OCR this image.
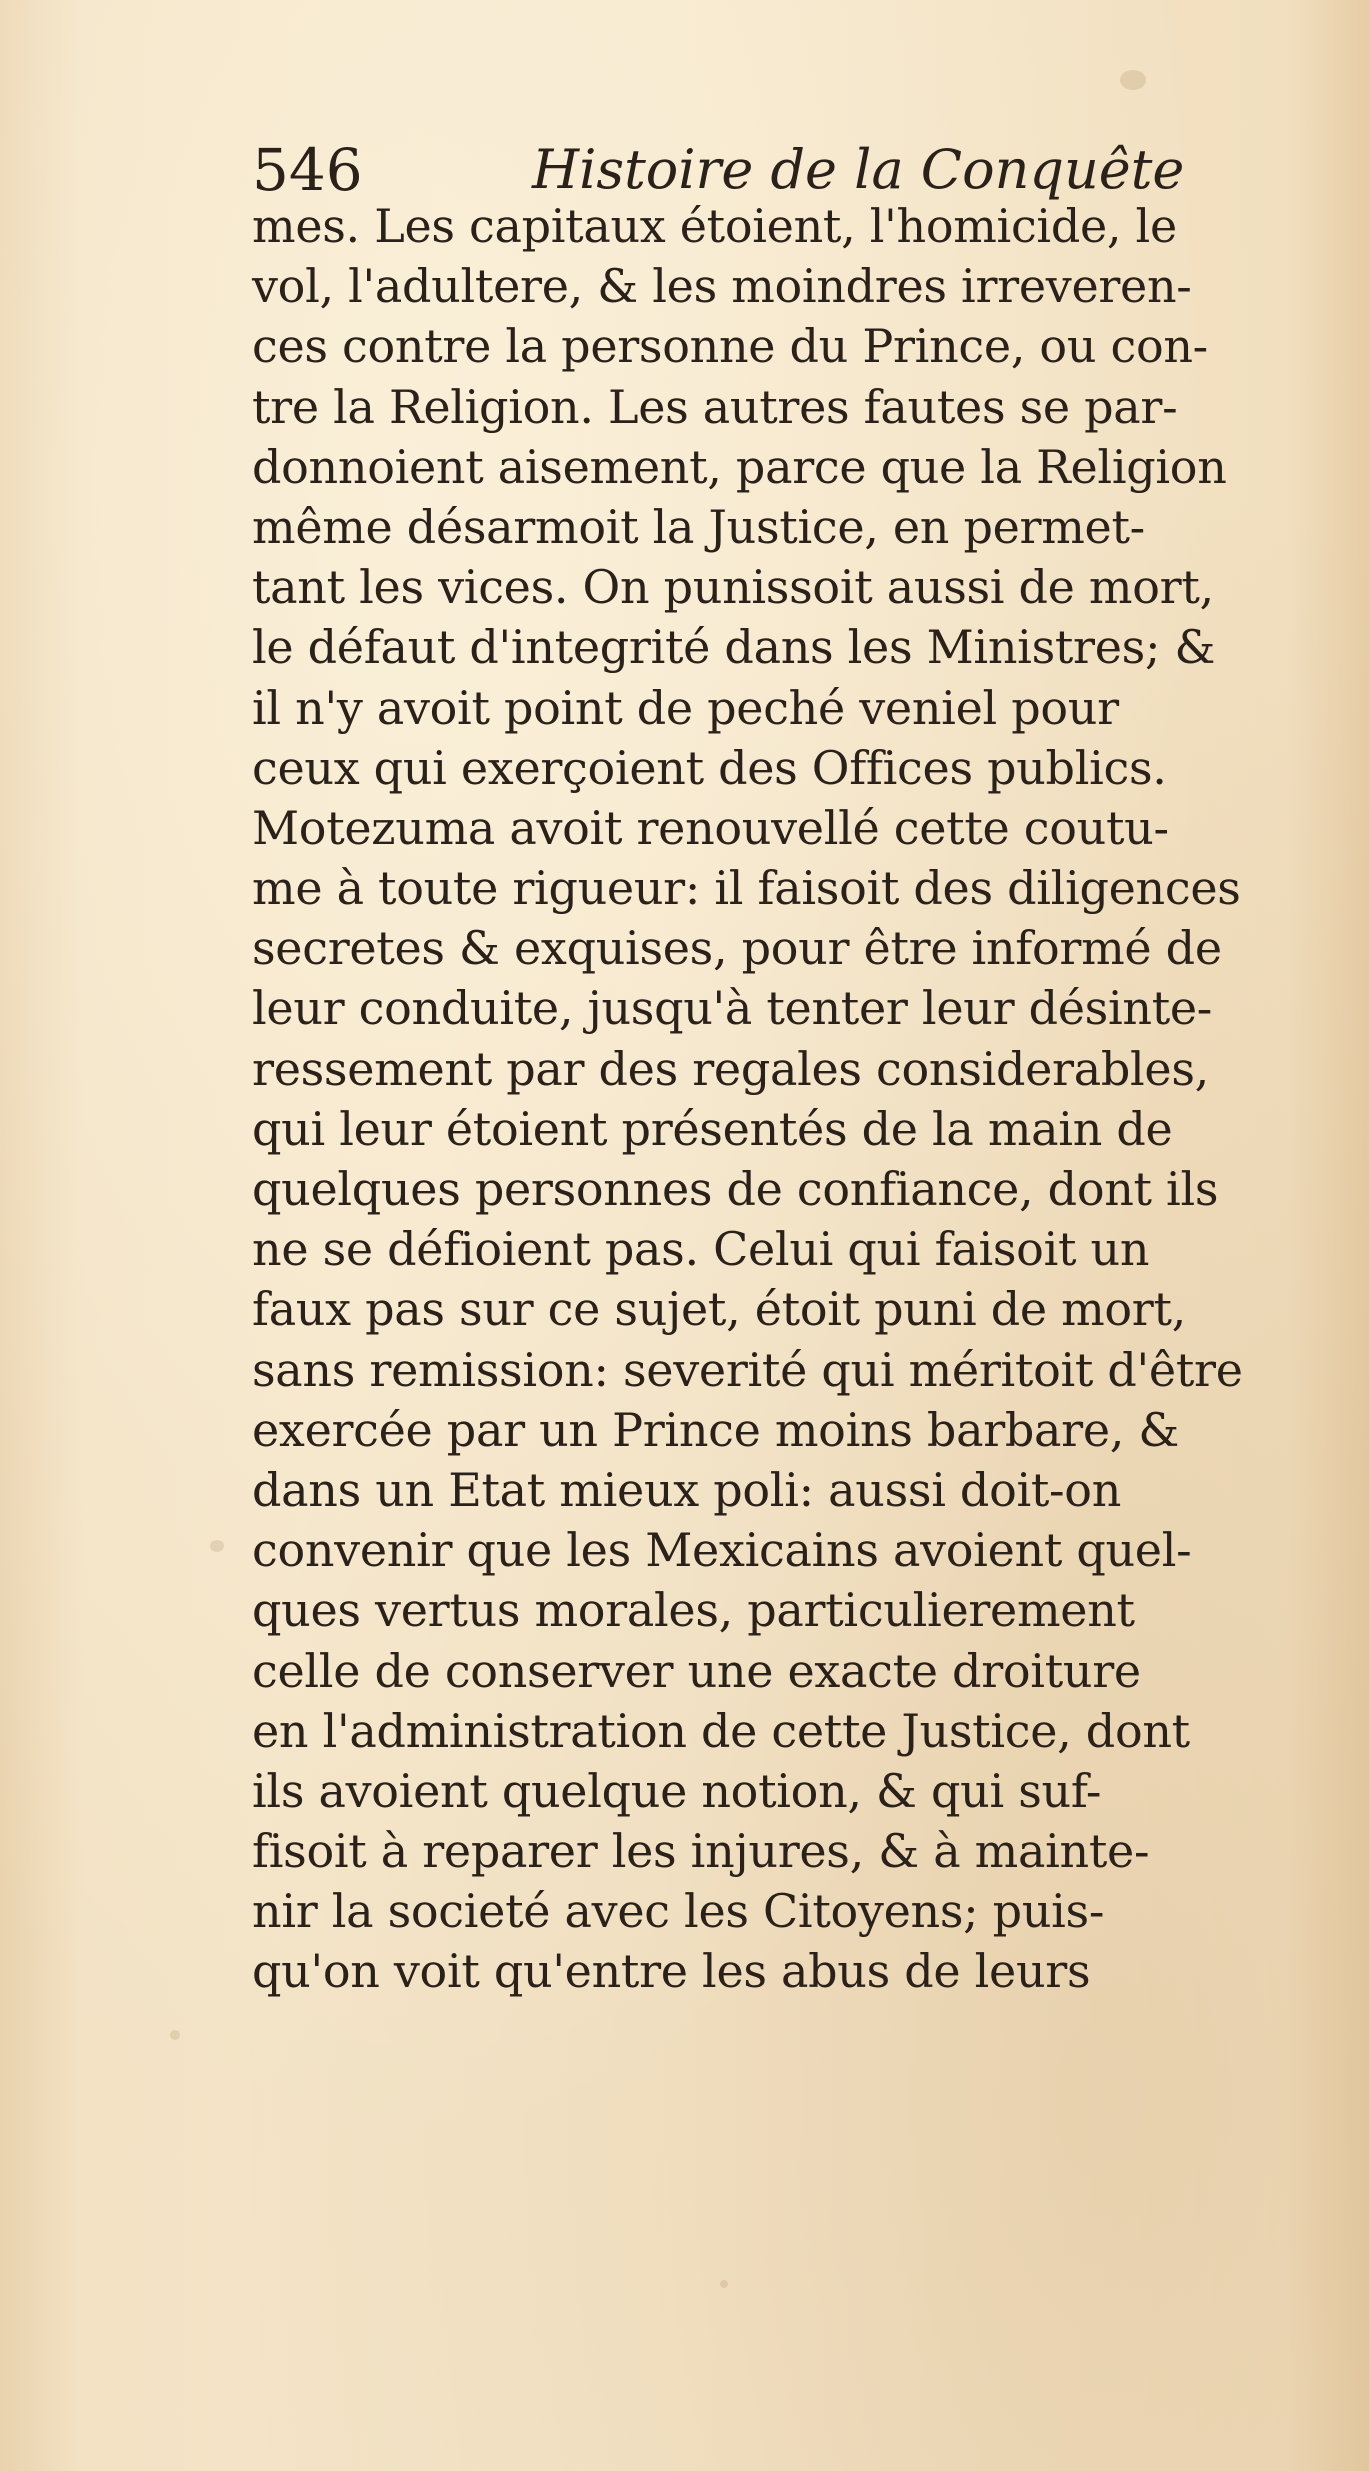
546	Histoire de la Conquête
mes. Les capitaux étoient, l'homicide, le
vol, l'adultere, & les moindres irreveren-
ces contre la personne du Prince, ou con-
tre la Religion. Les autres fautes se par-
donnoient aisement, parce que la Religion
même désarmoit la Justice, en permet-
tant les vices. On punissoit aussi de mort,
le défaut d'integrité dans les Ministres; &
il n'y avoit point de peché veniel pour
ceux qui exerçoient des Offices publics.
Motezuma avoit renouvellé cette coutu-
me à toute rigueur: il faisoit des diligences
secretes & exquises, pour être informé de
leur conduite, jusqu'à tenter leur désinte-
ressement par des regales considerables,
qui leur étoient présentés de la main de
quelques personnes de confiance, dont ils
ne se défioient pas. Celui qui faisoit un
faux pas sur ce sujet, étoit puni de mort,
sans remission: severité qui méritoit d'être
exercée par un Prince moins barbare, &
dans un Etat mieux poli: aussi doit-on
convenir que les Mexicains avoient quel-
ques vertus morales, particulierement
celle de conserver une exacte droiture
en l'administration de cette Justice, dont
ils avoient quelque notion, & qui suf-
fisoit à reparer les injures, & à mainte-
nir la societé avec les Citoyens; puis-
qu'on voit qu'entre les abus de leurs
